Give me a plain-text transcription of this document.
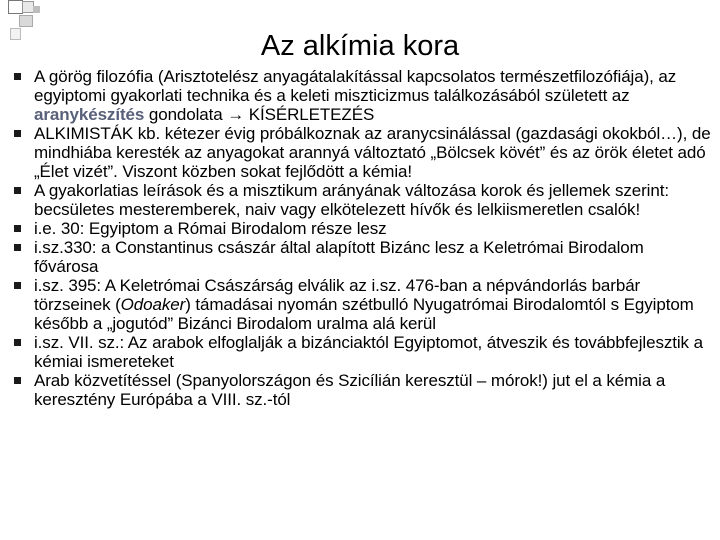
Az alkímia kora
A görög filozófia (Arisztotelész anyagátalakítással kapcsolatos természetfilozófiája), az egyiptomi gyakorlati technika és a keleti miszticizmus találkozásából született az aranykészítés gondolata → KÍSÉRLETEZÉS
ALKIMISTÁK kb. kétezer évig próbálkoznak az aranycsinálással (gazdasági okokból…), de mindhiába keresték az anyagokat arannyá változtató „Bölcsek kövét” és az örök életet adó „Élet vizét”. Viszont közben sokat fejlődött a kémia!
A gyakorlatias leírások és a misztikum arányának változása korok és jellemek szerint: becsületes mesteremberek, naiv vagy elkötelezett hívők és lelkiismeretlen csalók!
i.e. 30: Egyiptom a Római Birodalom része lesz
i.sz.330: a Constantinus császár által alapított Bizánc lesz a Keletrómai Birodalom fővárosa
i.sz. 395: A Keletrómai Császárság elválik az i.sz. 476-ban a népvándorlás barbár törzseinek (Odoaker) támadásai nyomán szétbulló Nyugatrómai Birodalomtól s Egyiptom később a „jogutód” Bizánci Birodalom uralma alá kerül
i.sz. VII. sz.: Az arabok elfoglalják a bizánciaktól Egyiptomot, átveszik és továbbfejlesztik a kémiai ismereteket
Arab közvetítéssel (Spanyolországon és Szicílián keresztül – mórok!) jut el a kémia a keresztény Európába a VIII. sz.-tól
